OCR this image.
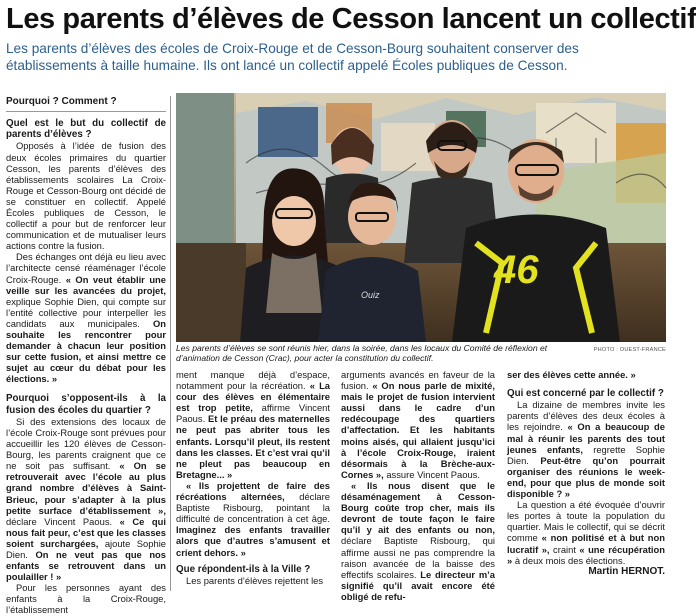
Les parents d’élèves de Cesson lancent un collectif
Les parents d’élèves des écoles de Croix-Rouge et de Cesson-Bourg souhaitent conserver des établissements à taille humaine. Ils ont lancé un collectif appelé Écoles publiques de Cesson.

Pourquoi ? Comment ?

Quel est le but du collectif de parents d’élèves ?

Opposés à l’idée de fusion des deux écoles primaires du quartier Cesson, les parents d’élèves des établissements scolaires La Croix-Rouge et Cesson-Bourg ont décidé de se constituer en collectif. Appelé Écoles publiques de Cesson, le collectif a pour but de renforcer leur communication et de mutualiser leurs actions contre la fusion.

Des échanges ont déjà eu lieu avec l’architecte censé réaménager l’école Croix-Rouge. « On veut établir une veille sur les avancées du projet, explique Sophie Dien, qui compte sur l’entité collective pour interpeller les candidats aux municipales. On souhaite les rencontrer pour demander à chacun leur position sur cette fusion, et ainsi mettre ce sujet au cœur du débat pour les élections. »

Pourquoi s’opposent-ils à la fusion des écoles du quartier ?

Si des extensions des locaux de l’école Croix-Rouge sont prévues pour accueillir les 120 élèves de Cesson-Bourg, les parents craignent que ce ne soit pas suffisant. « On se retrouverait avec l’école au plus grand nombre d’élèves à Saint-Brieuc, pour s’adapter à la plus petite surface d’établissement », déclare Vincent Paous. « Ce qui nous fait peur, c’est que les classes soient surchargées, ajoute Sophie Dien. On ne veut pas que nos enfants se retrouvent dans un poulailler ! »

Pour les personnes ayant des enfants à la Croix-Rouge, l’établissement

Ouiz
46
PHOTO : OUEST-FRANCE
Les parents d’élèves se sont réunis hier, dans la soirée, dans les locaux du Comité de réflexion et d’animation de Cesson (Crac), pour acter la constitution du collectif.

ment manque déjà d’espace, notamment pour la récréation. « La cour des élèves en élémentaire est trop petite, affirme Vincent Paous. Et le préau des maternelles ne peut pas abriter tous les enfants. Lorsqu’il pleut, ils restent dans les classes. Et c’est vrai qu’il ne pleut pas beaucoup en Bretagne... »

« Ils projettent de faire des récréations alternées, déclare Baptiste Risbourg, pointant la difficulté de concentration à cet âge. Imaginez des enfants travailler alors que d’autres s’amusent et crient dehors. »

Que répondent-ils à la Ville ?

Les parents d’élèves rejettent les

arguments avancés en faveur de la fusion. « On nous parle de mixité, mais le projet de fusion intervient aussi dans le cadre d’un redécoupage des quartiers d’affectation. Et les habitants moins aisés, qui allaient jusqu’ici à l’école Croix-Rouge, iraient désormais à la Brèche-aux-Cornes », assure Vincent Paous.

« Ils nous disent que le désaménagement à Cesson-Bourg coûte trop cher, mais ils devront de toute façon le faire qu’il y ait des enfants ou non, déclare Baptiste Risbourg, qui affirme aussi ne pas comprendre la raison avancée de la baisse des effectifs scolaires. Le directeur m’a signifié qu’il avait encore été obligé de refu-

ser des élèves cette année. »

Qui est concerné par le collectif ?

La dizaine de membres invite les parents d’élèves des deux écoles à les rejoindre. « On a beaucoup de mal à réunir les parents des tout jeunes enfants, regrette Sophie Dien. Peut-être qu’on pourrait organiser des réunions le week-end, pour que plus de monde soit disponible ? »

La question a été évoquée d’ouvrir les portes à toute la population du quartier. Mais le collectif, qui se décrit comme « non politisé et à but non lucratif », craint « une récupération » à deux mois des élections.

Martin HERNOT.
